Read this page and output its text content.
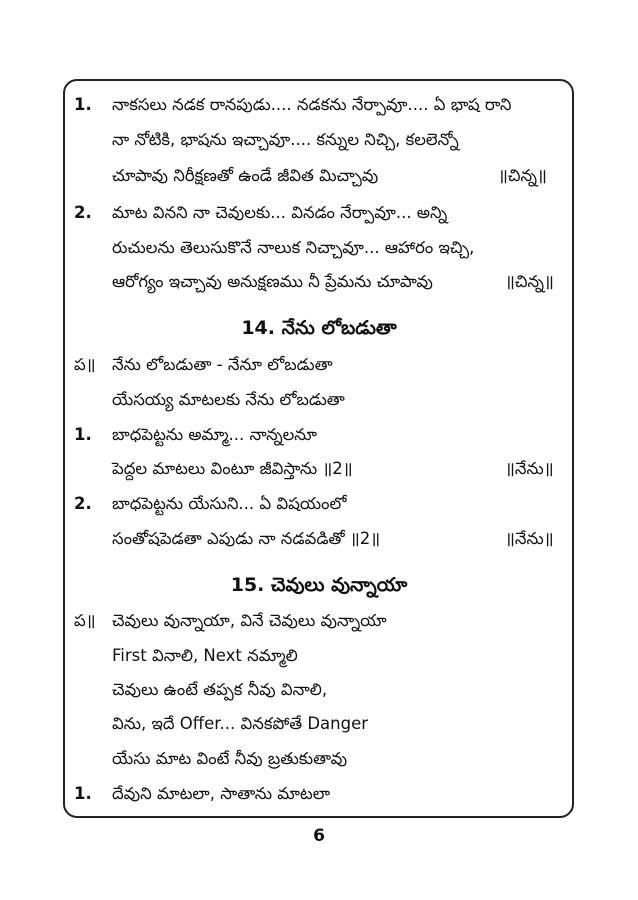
1. నాకసలు నడక రానపుడు.... నడకను నేర్పావూ.... ఏ భాష రాని
నా నోటికి, భాషను ఇచ్చావూ.... కన్నుల నిచ్చి, కలలెన్నో
చూపావు నిరీక్షణతో ఉండే జీవిత మిచ్చావు	॥చిన్న॥
2. మాట వినని నా చెవులకు... వినడం నేర్పావూ... అన్ని
రుచులను తెలుసుకొనే నాలుక నిచ్చావూ... ఆహారం ఇచ్చి,
ఆరోగ్యం ఇచ్చావు అనుక్షణము నీ ప్రేమను చూపావు	॥చిన్న॥
14. నేను లోబడుతా
ప॥ నేను లోబడుతా - నేనూ లోబడుతా
యేసయ్య మాటలకు నేను లోబడుతా
1. బాధపెట్టను అమ్మా... నాన్నలనూ
పెద్దల మాటలు వింటూ జీవిస్తాను ॥2॥	॥నేను॥
2. బాధపెట్టను యేసుని... ఏ విషయంలో
సంతోషపెడతా ఎపుడు నా నడవడితో ॥2॥	॥నేను॥
15. చెవులు వున్నాయా
ప॥ చెవులు వున్నాయా, వినే చెవులు వున్నాయా
First వినాలి, Next నమ్మాలి
చెవులు ఉంటే తప్పక నీవు వినాలి,
విను, ఇదే Offer... వినకపోతే Danger
యేసు మాట వింటే నీవు బ్రతుకుతావు
1. దేవుని మాటలా, సాతాను మాటలా
6
